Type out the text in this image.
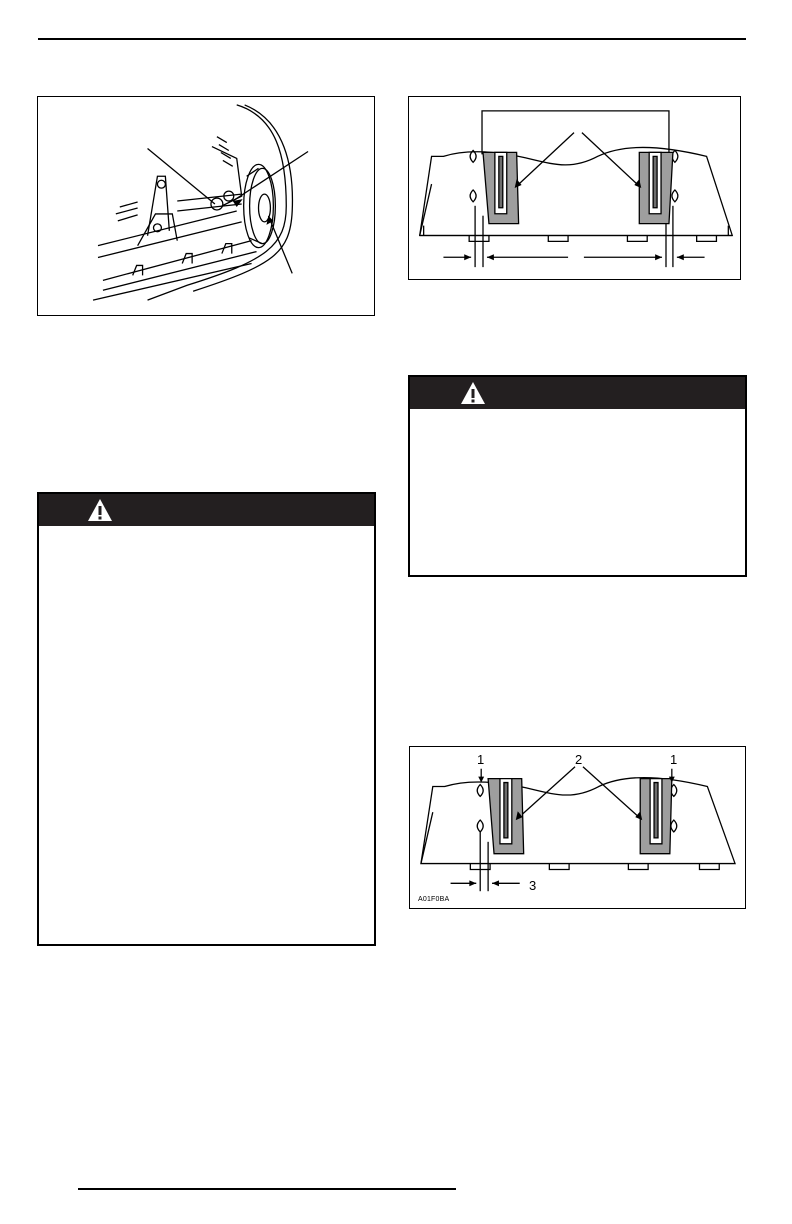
1	2	1
3
A01F0BA
